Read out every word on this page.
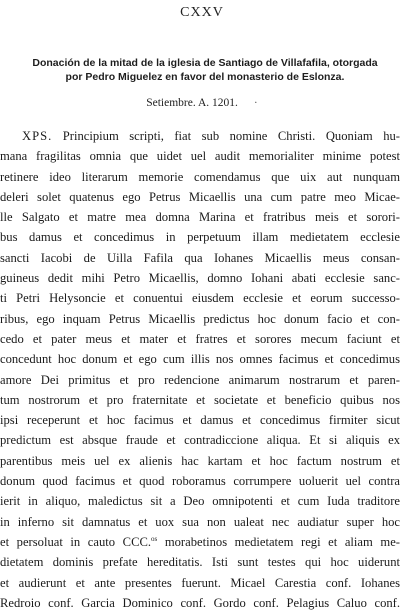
CXXV
Donación de la mitad de la iglesia de Santiago de Villafafila, otorgada
por Pedro Miguelez en favor del monasterio de Eslonza.
Setiembre. A. 1201. ·
XPS. Principium scripti, fiat sub nomine Christi. Quoniam hu-
mana fragilitas omnia que uidet uel audit memorialiter minime potest
retinere ideo literarum memorie comendamus que uix aut nunquam
deleri solet quatenus ego Petrus Micaellis una cum patre meo Micae-
lle Salgato et matre mea domna Marina et fratribus meis et sorori-
bus damus et concedimus in perpetuum illam medietatem ecclesie
sancti Iacobi de Uilla Fafila qua Iohanes Micaellis meus consan-
guineus dedit mihi Petro Micaellis, domno Iohani abati ecclesie sanc-
ti Petri Helysoncie et conuentui eiusdem ecclesie et eorum successo-
ribus, ego inquam Petrus Micaellis predictus hoc donum facio et con-
cedo et pater meus et mater et fratres et sorores mecum faciunt et
concedunt hoc donum et ego cum illis nos omnes facimus et concedimus
amore Dei primitus et pro redencione animarum nostrarum et paren-
tum nostrorum et pro fraternitate et societate et beneficio quibus nos
ipsi receperunt et hoc facimus et damus et concedimus firmiter sicut
predictum est absque fraude et contradiccione aliqua. Et si aliquis ex
parentibus meis uel ex alienis hac kartam et hoc factum nostrum et
donum quod facimus et quod roboramus corrumpere uoluerit uel contra
ierit in aliquo, maledictus sit a Deo omnipotenti et cum Iuda traditore
in inferno sit damnatus et uox sua non ualeat nec audiatur super hoc
et persoluat in cauto CCC.$^{os}$ morabetinos medietatem regi et aliam me-
dietatem dominis prefate hereditatis. Isti sunt testes qui hoc uiderunt
et audierunt et ante presentes fuerunt. Micael Carestia conf. Iohanes
Redroio conf. Garcia Dominico conf. Gordo conf. Pelagius Caluo conf.
